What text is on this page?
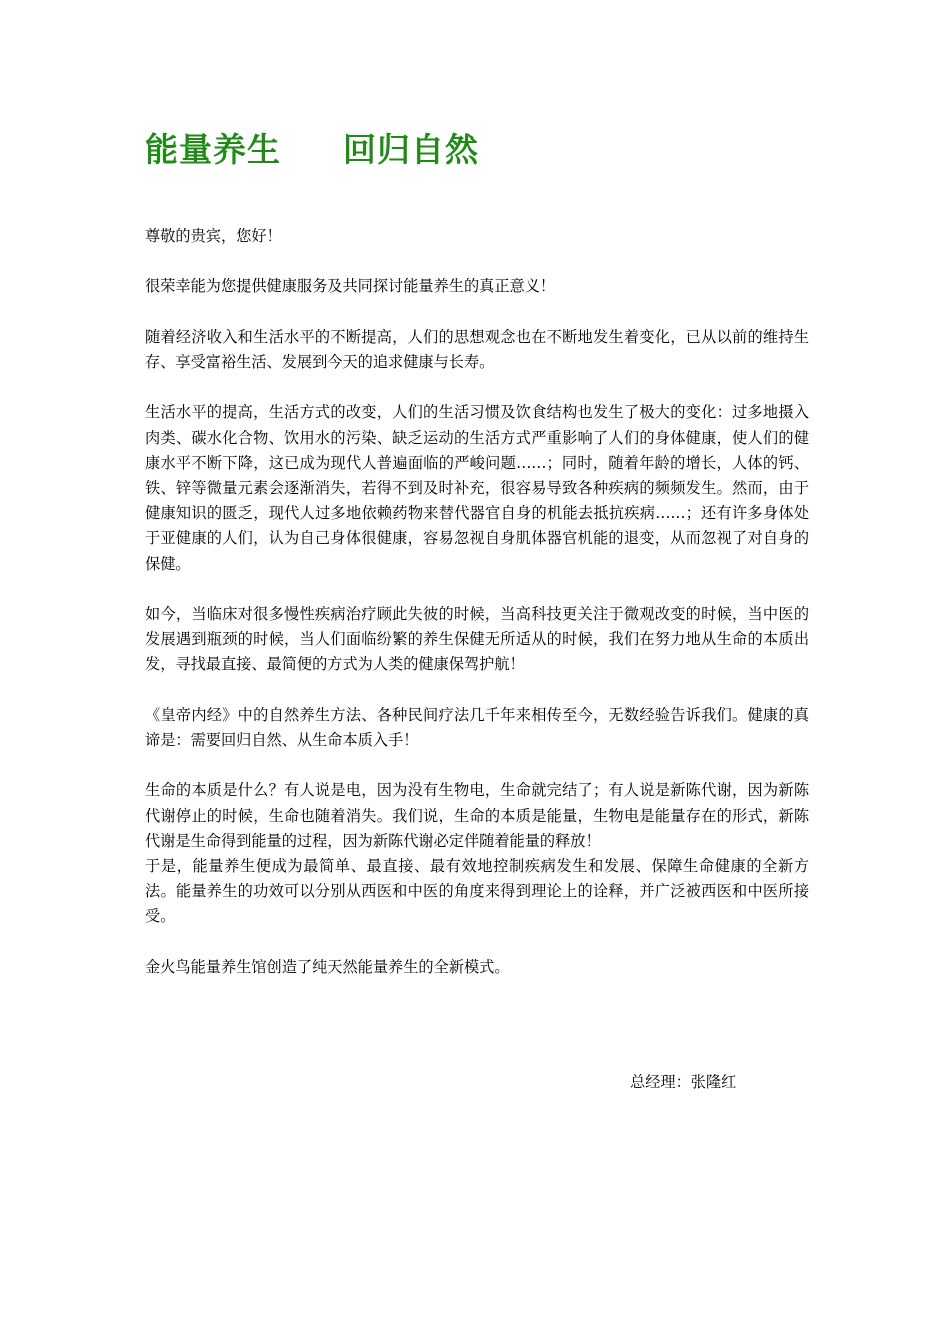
能量养生 回归自然

尊敬的贵宾，您好！

很荣幸能为您提供健康服务及共同探讨能量养生的真正意义！

随着经济收入和生活水平的不断提高，人们的思想观念也在不断地发生着变化，已从以前的维持生存、享受富裕生活、发展到今天的追求健康与长寿。

生活水平的提高，生活方式的改变，人们的生活习惯及饮食结构也发生了极大的变化：过多地摄入肉类、碳水化合物、饮用水的污染、缺乏运动的生活方式严重影响了人们的身体健康，使人们的健康水平不断下降，这已成为现代人普遍面临的严峻问题……；同时，随着年龄的增长，人体的钙、铁、锌等微量元素会逐渐消失，若得不到及时补充，很容易导致各种疾病的频频发生。然而，由于健康知识的匮乏，现代人过多地依赖药物来替代器官自身的机能去抵抗疾病……；还有许多身体处于亚健康的人们，认为自己身体很健康，容易忽视自身肌体器官机能的退变，从而忽视了对自身的保健。

如今，当临床对很多慢性疾病治疗顾此失彼的时候，当高科技更关注于微观改变的时候，当中医的发展遇到瓶颈的时候，当人们面临纷繁的养生保健无所适从的时候，我们在努力地从生命的本质出发，寻找最直接、最简便的方式为人类的健康保驾护航！

《皇帝内经》中的自然养生方法、各种民间疗法几千年来相传至今，无数经验告诉我们。健康的真谛是：需要回归自然、从生命本质入手！

生命的本质是什么？有人说是电，因为没有生物电，生命就完结了；有人说是新陈代谢，因为新陈代谢停止的时候，生命也随着消失。我们说，生命的本质是能量，生物电是能量存在的形式，新陈代谢是生命得到能量的过程，因为新陈代谢必定伴随着能量的释放！

于是，能量养生便成为最简单、最直接、最有效地控制疾病发生和发展、保障生命健康的全新方法。能量养生的功效可以分别从西医和中医的角度来得到理论上的诠释，并广泛被西医和中医所接受。

金火鸟能量养生馆创造了纯天然能量养生的全新模式。

总经理：张隆红
